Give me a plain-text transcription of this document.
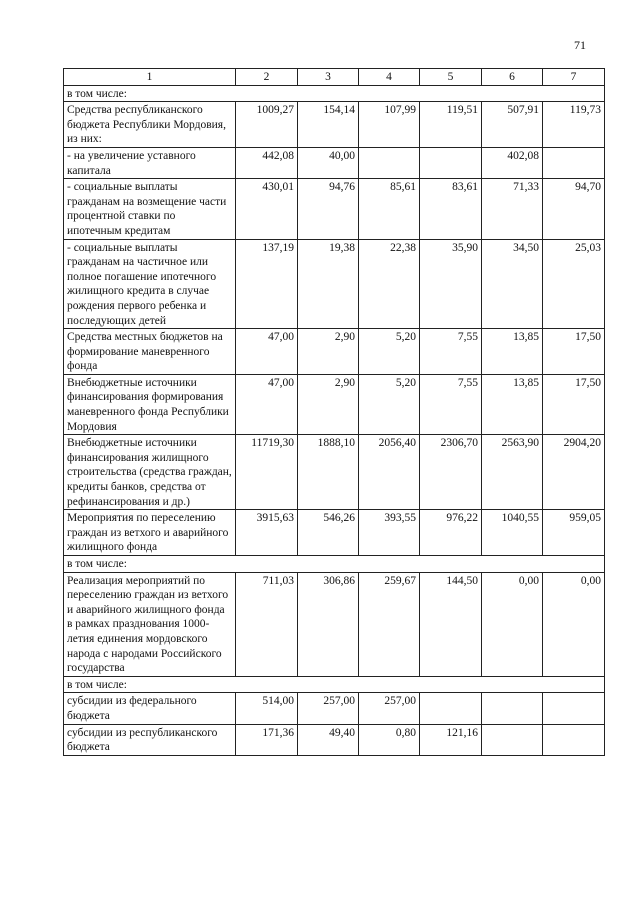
71
1	2	3	4	5	6	7
в том числе:						
Средства республиканского бюджета Республики Мордовия, из них:	1009,27	154,14	107,99	119,51	507,91	119,73
- на увеличение уставного капитала	442,08	40,00			402,08	
- социальные выплаты гражданам на возмещение части процентной ставки по ипотечным кредитам	430,01	94,76	85,61	83,61	71,33	94,70
- социальные выплаты гражданам на частичное или полное погашение ипотечного жилищного кредита в случае рождения первого ребенка и последующих детей	137,19	19,38	22,38	35,90	34,50	25,03
Средства местных бюджетов на формирование маневренного фонда	47,00	2,90	5,20	7,55	13,85	17,50
Внебюджетные источники финансирования формирования маневренного фонда Республики Мордовия	47,00	2,90	5,20	7,55	13,85	17,50
Внебюджетные источники финансирования жилищного строительства (средства граждан, кредиты банков, средства от рефинансирования и др.)	11719,30	1888,10	2056,40	2306,70	2563,90	2904,20
Мероприятия по переселению граждан из ветхого и аварийного жилищного фонда	3915,63	546,26	393,55	976,22	1040,55	959,05
в том числе:						
Реализация мероприятий по переселению граждан из ветхого и аварийного жилищного фонда в рамках празднования 1000-летия единения мордовского народа с народами Российского государства	711,03	306,86	259,67	144,50	0,00	0,00
в том числе:						
субсидии из федерального бюджета	514,00	257,00	257,00			
субсидии из республиканского бюджета	171,36	49,40	0,80	121,16		
